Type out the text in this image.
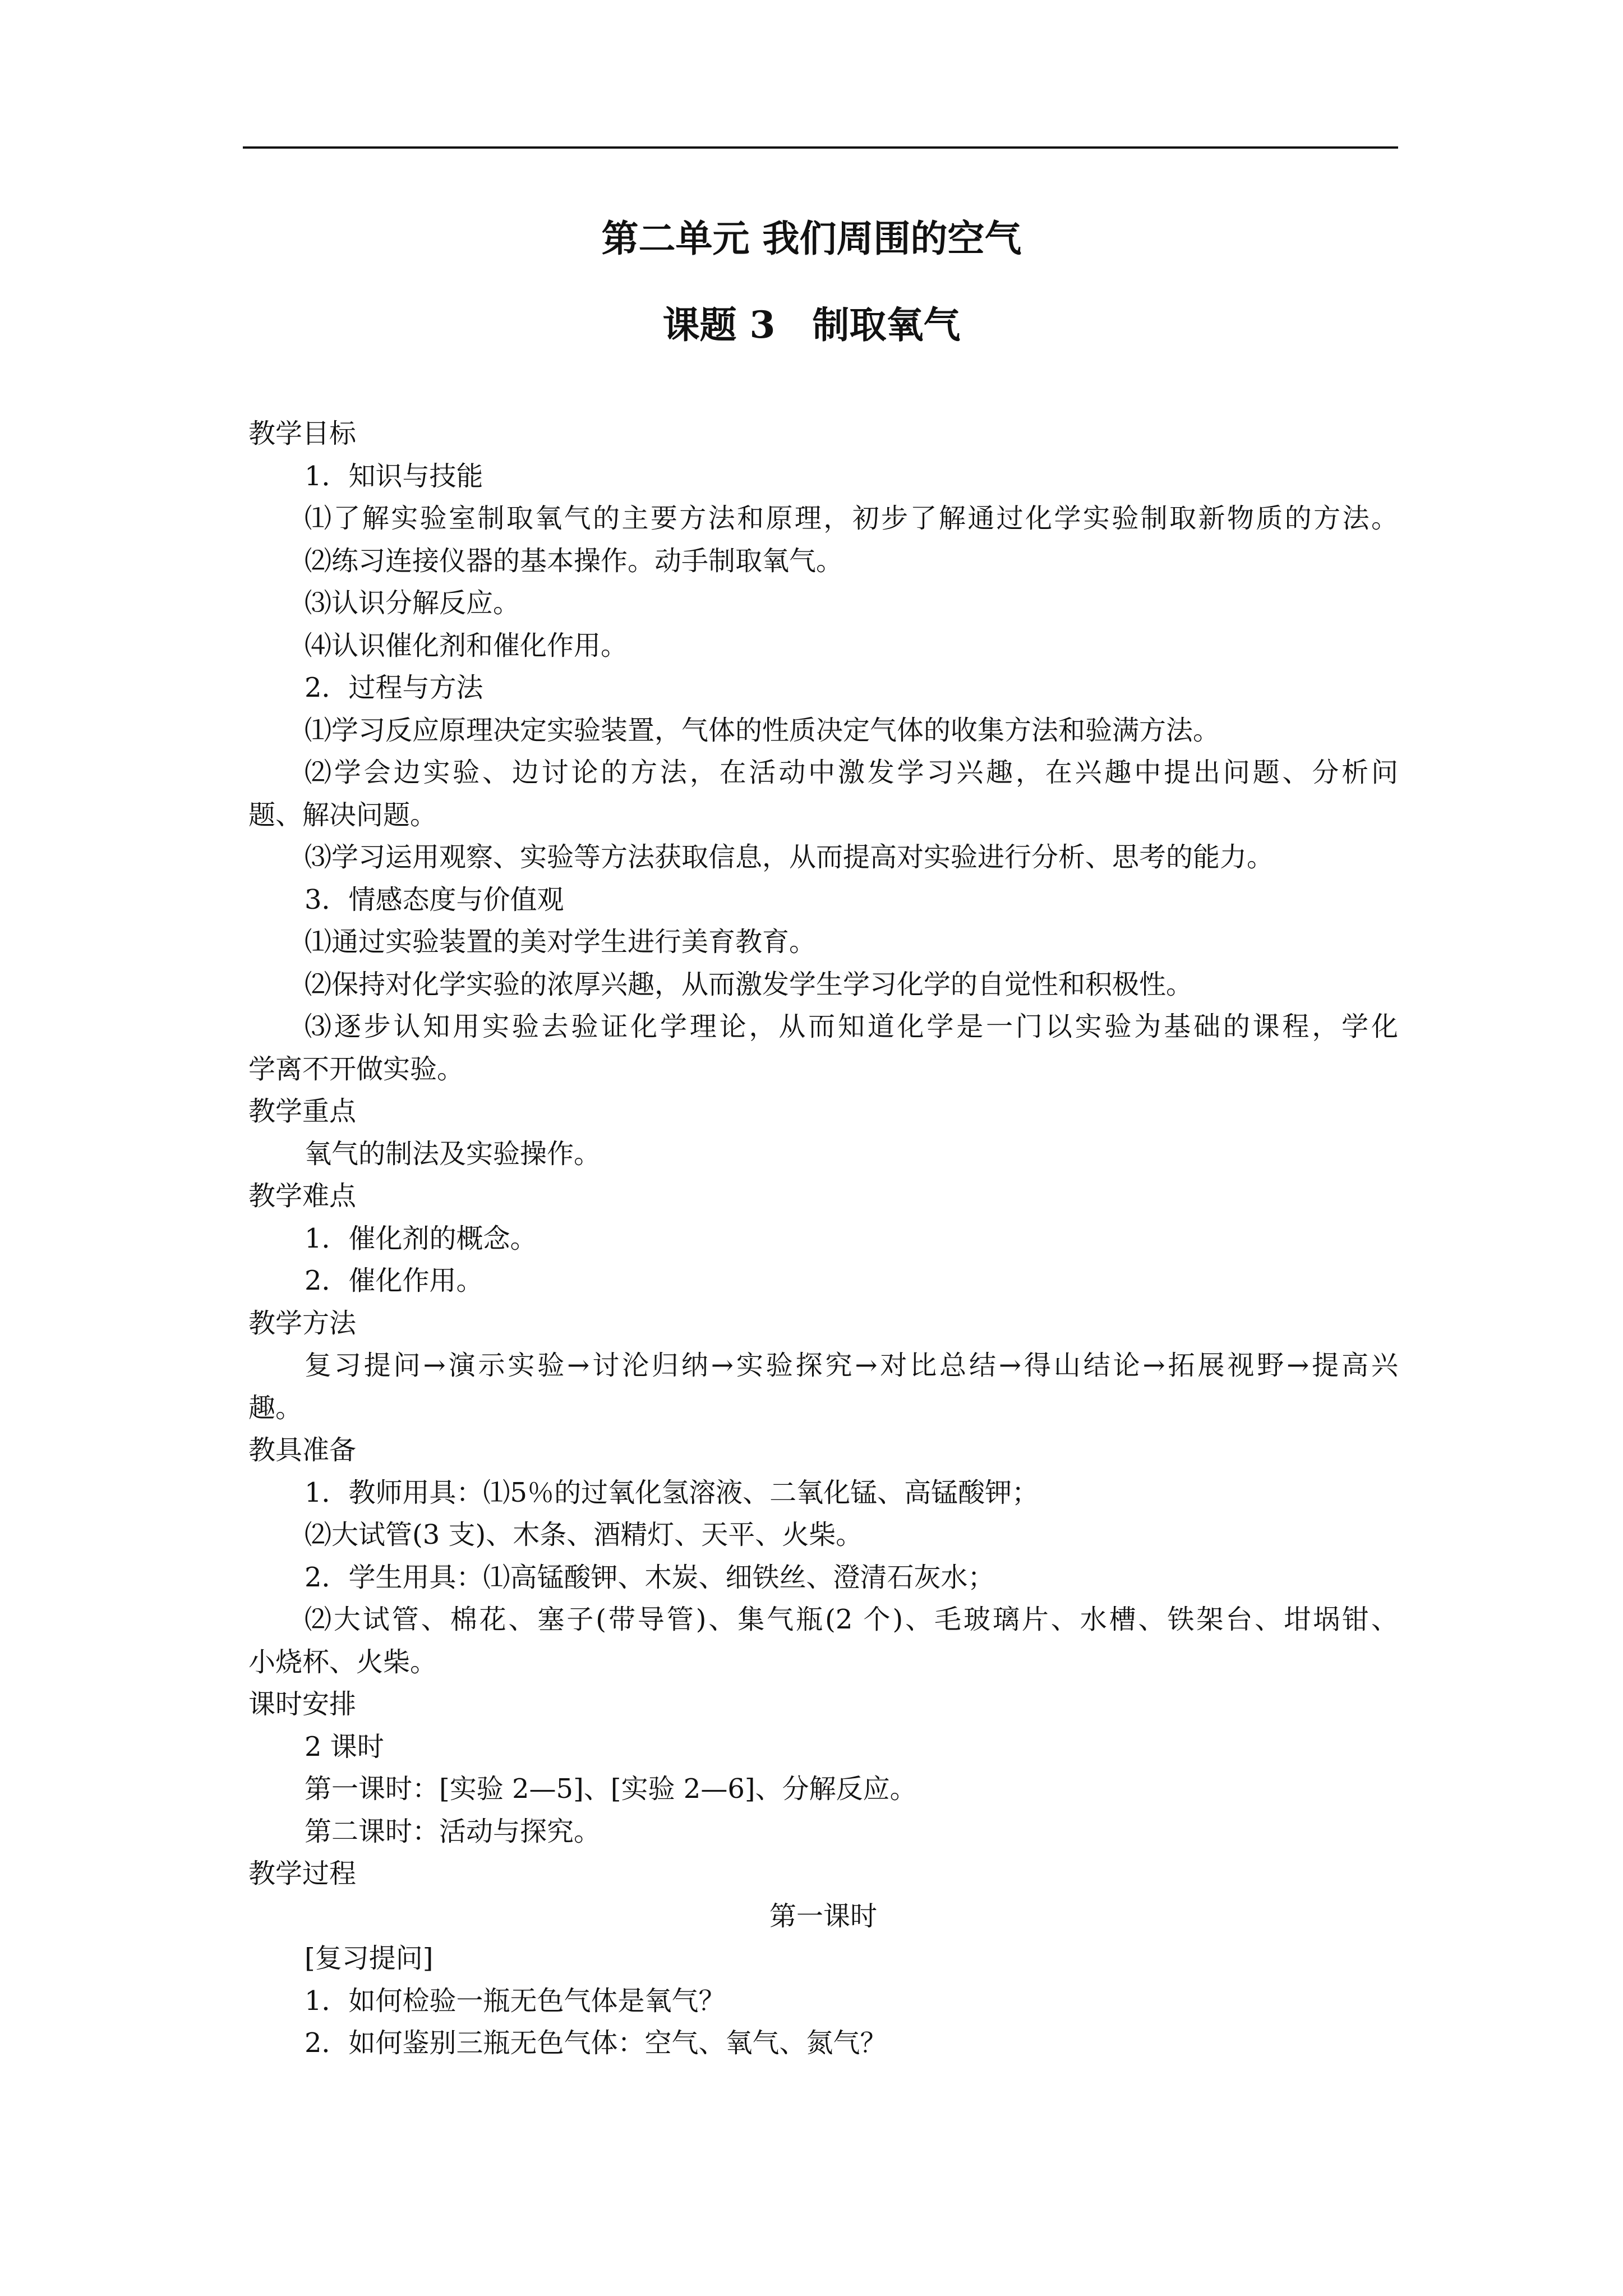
第二单元 我们周围的空气
课题 3　制取氧气
教学目标
1．知识与技能
⑴了解实验室制取氧气的主要方法和原理，初步了解通过化学实验制取新物质的方法。
⑵练习连接仪器的基本操作。动手制取氧气。
⑶认识分解反应。
⑷认识催化剂和催化作用。
2．过程与方法
⑴学习反应原理决定实验装置，气体的性质决定气体的收集方法和验满方法。
⑵学会边实验、边讨论的方法，在活动中激发学习兴趣，在兴趣中提出问题、分析问
题、解决问题。
⑶学习运用观察、实验等方法获取信息，从而提高对实验进行分析、思考的能力。
3．情感态度与价值观
⑴通过实验装置的美对学生进行美育教育。
⑵保持对化学实验的浓厚兴趣，从而激发学生学习化学的自觉性和积极性。
⑶逐步认知用实验去验证化学理论，从而知道化学是一门以实验为基础的课程，学化
学离不开做实验。
教学重点
氧气的制法及实验操作。
教学难点
1．催化剂的概念。
2．催化作用。
教学方法
复习提问→演示实验→讨沦归纳→实验探究→对比总结→得山结论→拓展视野→提高兴
趣。
教具准备
1．教师用具：⑴5％的过氧化氢溶液、二氧化锰、高锰酸钾；
⑵大试管(3 支)、木条、酒精灯、天平、火柴。
2．学生用具：⑴高锰酸钾、木炭、细铁丝、澄清石灰水；
⑵大试管、棉花、塞子(带导管)、集气瓶(2 个)、毛玻璃片、水槽、铁架台、坩埚钳、
小烧杯、火柴。
课时安排
2 课时
第一课时：[实验 2—5]、[实验 2—6]、分解反应。
第二课时：活动与探究。
教学过程
第一课时
[复习提问]
1．如何检验一瓶无色气体是氧气？
2．如何鉴别三瓶无色气体：空气、氧气、氮气？
